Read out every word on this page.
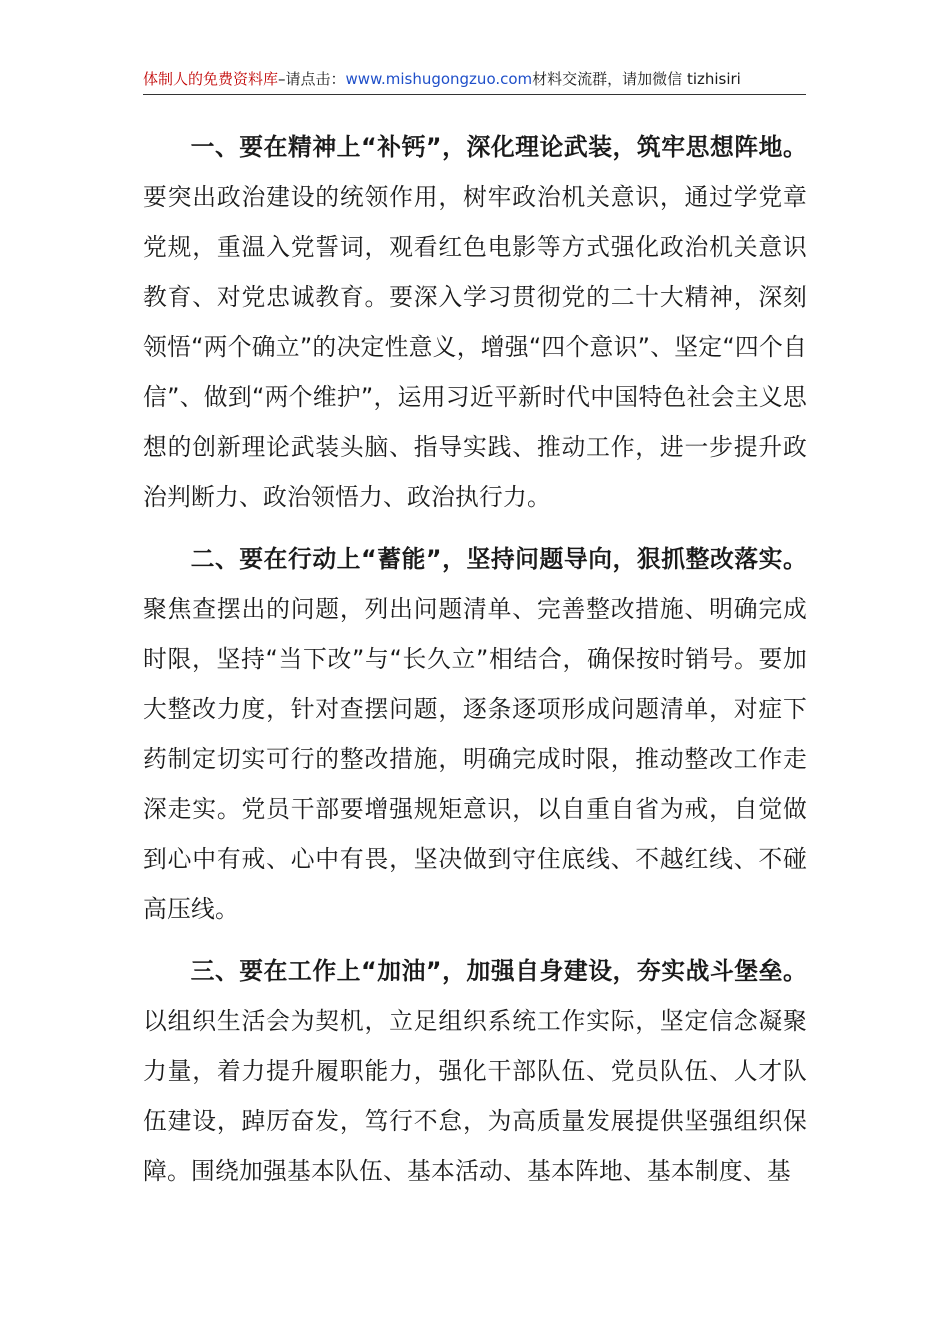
体制人的免费资料库–请点击：www.mishugongzuo.com材料交流群，请加微信 tizhisiri

一、要在精神上“补钙”，深化理论武装，筑牢思想阵地。要突出政治建设的统领作用，树牢政治机关意识，通过学党章党规，重温入党誓词，观看红色电影等方式强化政治机关意识教育、对党忠诚教育。要深入学习贯彻党的二十大精神，深刻领悟“两个确立”的决定性意义，增强“四个意识”、坚定“四个自信”、做到“两个维护”，运用习近平新时代中国特色社会主义思想的创新理论武装头脑、指导实践、推动工作，进一步提升政治判断力、政治领悟力、政治执行力。

二、要在行动上“蓄能”，坚持问题导向，狠抓整改落实。聚焦查摆出的问题，列出问题清单、完善整改措施、明确完成时限，坚持“当下改”与“长久立”相结合，确保按时销号。要加大整改力度，针对查摆问题，逐条逐项形成问题清单，对症下药制定切实可行的整改措施，明确完成时限，推动整改工作走深走实。党员干部要增强规矩意识，以自重自省为戒，自觉做到心中有戒、心中有畏，坚决做到守住底线、不越红线、不碰高压线。

三、要在工作上“加油”，加强自身建设，夯实战斗堡垒。以组织生活会为契机，立足组织系统工作实际，坚定信念凝聚力量，着力提升履职能力，强化干部队伍、党员队伍、人才队伍建设，踔厉奋发，笃行不怠，为高质量发展提供坚强组织保障。围绕加强基本队伍、基本活动、基本阵地、基本制度、基
